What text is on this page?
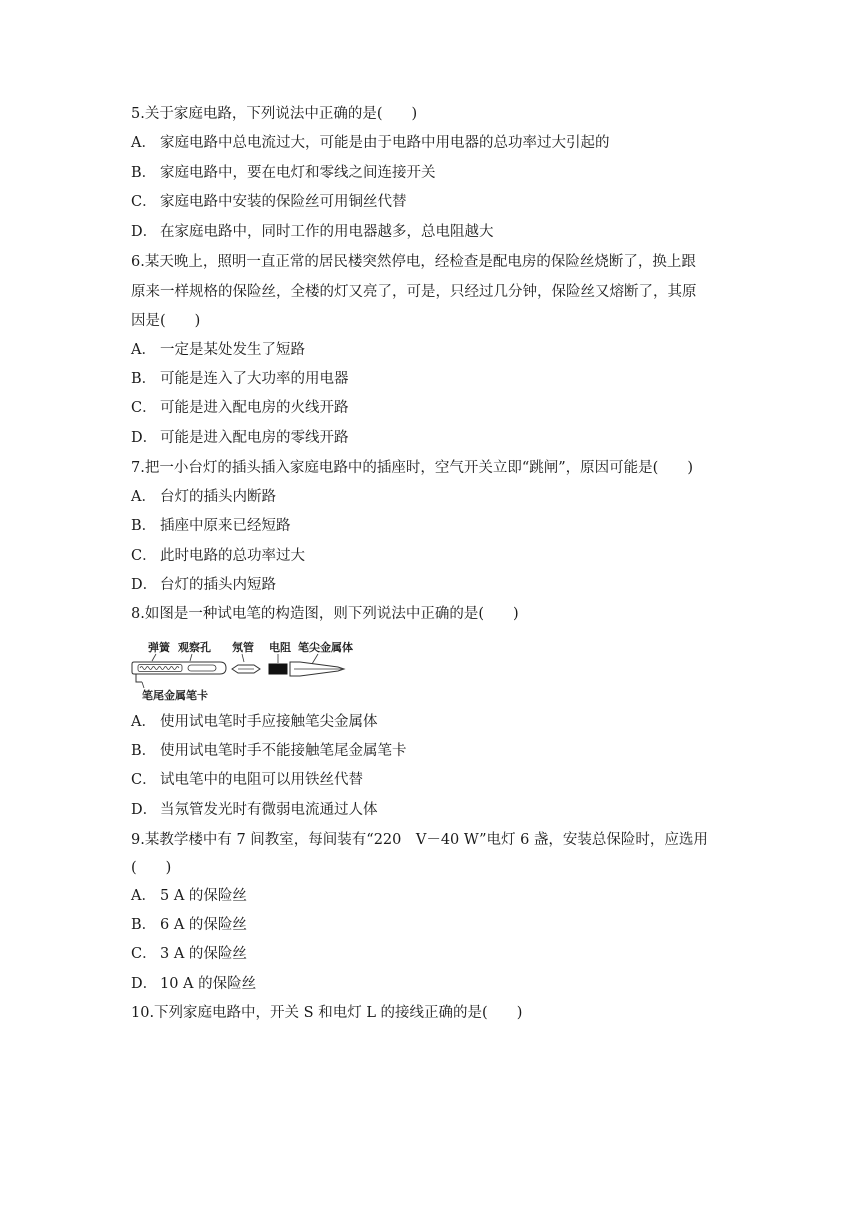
5.关于家庭电路，下列说法中正确的是(　　)
A． 家庭电路中总电流过大，可能是由于电路中用电器的总功率过大引起的
B． 家庭电路中，要在电灯和零线之间连接开关
C． 家庭电路中安装的保险丝可用铜丝代替
D． 在家庭电路中，同时工作的用电器越多，总电阻越大
6.某天晚上，照明一直正常的居民楼突然停电，经检查是配电房的保险丝烧断了，换上跟
原来一样规格的保险丝，全楼的灯又亮了，可是，只经过几分钟，保险丝又熔断了，其原
因是(　　)
A． 一定是某处发生了短路
B． 可能是连入了大功率的用电器
C． 可能是进入配电房的火线开路
D． 可能是进入配电房的零线开路
7.把一小台灯的插头插入家庭电路中的插座时，空气开关立即“跳闸”，原因可能是(　　)
A． 台灯的插头内断路
B． 插座中原来已经短路
C． 此时电路的总功率过大
D． 台灯的插头内短路
8.如图是一种试电笔的构造图，则下列说法中正确的是(　　)
弹簧 观察孔 氖管 电阻 笔尖金属体
笔尾金属笔卡
A． 使用试电笔时手应接触笔尖金属体
B． 使用试电笔时手不能接触笔尾金属笔卡
C． 试电笔中的电阻可以用铁丝代替
D． 当氖管发光时有微弱电流通过人体
9.某教学楼中有 7 间教室，每间装有“220　V－40 W”电灯 6 盏，安装总保险时，应选用
(　　)
A． 5 A 的保险丝
B． 6 A 的保险丝
C． 3 A 的保险丝
D． 10 A 的保险丝
10.下列家庭电路中，开关 S 和电灯 L 的接线正确的是(　　)
